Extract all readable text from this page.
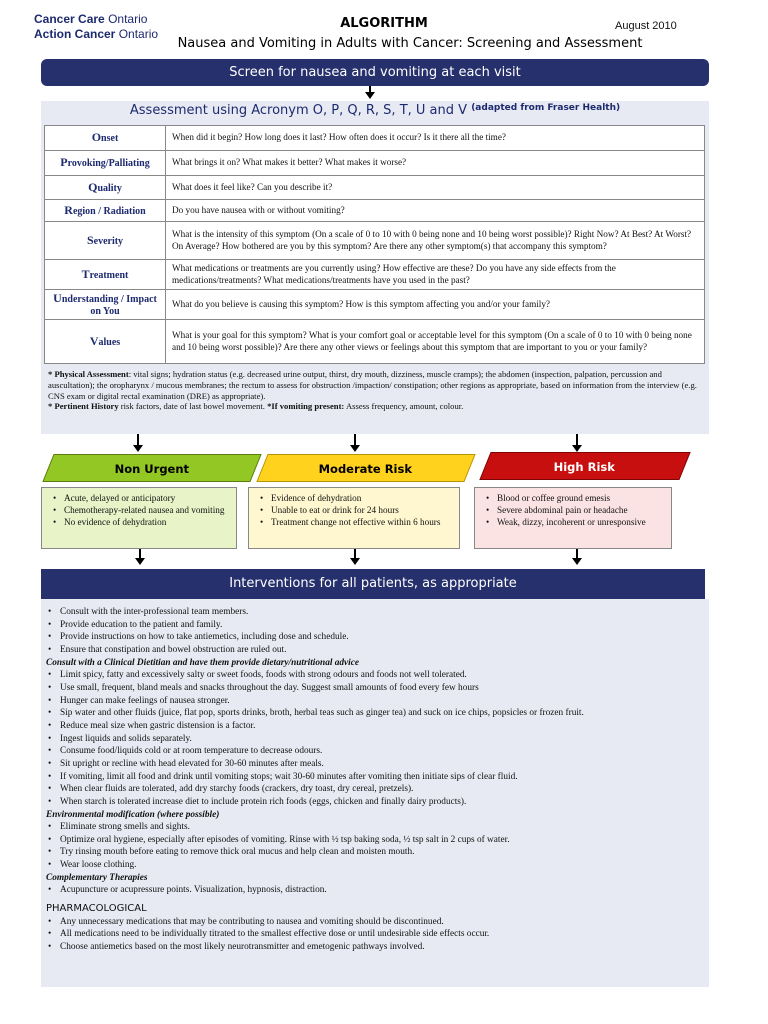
Cancer Care Ontario
Action Cancer Ontario
ALGORITHM	August 2010
Nausea and Vomiting in Adults with Cancer: Screening and Assessment
Screen for nausea and vomiting at each visit
Assessment using Acronym O, P, Q, R, S, T, U and V $^{(adapted from Fraser Health)}$
Onset	When did it begin? How long does it last? How often does it occur? Is it there all the time?
Provoking/Palliating	What brings it on? What makes it better? What makes it worse?
Quality	What does it feel like? Can you describe it?
Region / Radiation	Do you have nausea with or without vomiting?
Severity	What is the intensity of this symptom (On a scale of 0 to 10 with 0 being none and 10 being worst possible)? Right Now? At Best? At Worst? On Average? How bothered are you by this symptom? Are there any other symptom(s) that accompany this symptom?
Treatment	What medications or treatments are you currently using? How effective are these? Do you have any side effects from the medications/treatments? What medications/treatments have you used in the past?
Understanding / Impact on You	What do you believe is causing this symptom? How is this symptom affecting you and/or your family?
Values	What is your goal for this symptom? What is your comfort goal or acceptable level for this symptom (On a scale of 0 to 10 with 0 being none and 10 being worst possible)? Are there any other views or feelings about this symptom that are important to you or your family?
* Physical Assessment: vital signs; hydration status (e.g. decreased urine output, thirst, dry mouth, dizziness, muscle cramps); the abdomen (inspection, palpation, percussion and auscultation); the oropharynx / mucous membranes; the rectum to assess for obstruction /impaction/ constipation; other regions as appropriate, based on information from the interview (e.g. CNS exam or digital rectal examination (DRE) as appropriate).
* Pertinent History risk factors, date of last bowel movement. *If vomiting present: Assess frequency, amount, colour.
Non Urgent
• Acute, delayed or anticipatory
• Chemotherapy-related nausea and vomiting
• No evidence of dehydration
Moderate Risk
• Evidence of dehydration
• Unable to eat or drink for 24 hours
• Treatment change not effective within 6 hours
High Risk
• Blood or coffee ground emesis
• Severe abdominal pain or headache
• Weak, dizzy, incoherent or unresponsive
Interventions for all patients, as appropriate
• Consult with the inter-professional team members.
• Provide education to the patient and family.
• Provide instructions on how to take antiemetics, including dose and schedule.
• Ensure that constipation and bowel obstruction are ruled out.
Consult with a Clinical Dietitian and have them provide dietary/nutritional advice
• Limit spicy, fatty and excessively salty or sweet foods, foods with strong odours and foods not well tolerated.
• Use small, frequent, bland meals and snacks throughout the day. Suggest small amounts of food every few hours
• Hunger can make feelings of nausea stronger.
• Sip water and other fluids (juice, flat pop, sports drinks, broth, herbal teas such as ginger tea) and suck on ice chips, popsicles or frozen fruit.
• Reduce meal size when gastric distension is a factor.
• Ingest liquids and solids separately.
• Consume food/liquids cold or at room temperature to decrease odours.
• Sit upright or recline with head elevated for 30-60 minutes after meals.
• If vomiting, limit all food and drink until vomiting stops; wait 30-60 minutes after vomiting then initiate sips of clear fluid.
• When clear fluids are tolerated, add dry starchy foods (crackers, dry toast, dry cereal, pretzels).
• When starch is tolerated increase diet to include protein rich foods (eggs, chicken and finally dairy products).
Environmental modification (where possible)
• Eliminate strong smells and sights.
• Optimize oral hygiene, especially after episodes of vomiting. Rinse with ½ tsp baking soda, ½ tsp salt in 2 cups of water.
• Try rinsing mouth before eating to remove thick oral mucus and help clean and moisten mouth.
• Wear loose clothing.
Complementary Therapies
• Acupuncture or acupressure points. Visualization, hypnosis, distraction.
PHARMACOLOGICAL
• Any unnecessary medications that may be contributing to nausea and vomiting should be discontinued.
• All medications need to be individually titrated to the smallest effective dose or until undesirable side effects occur.
• Choose antiemetics based on the most likely neurotransmitter and emetogenic pathways involved.
